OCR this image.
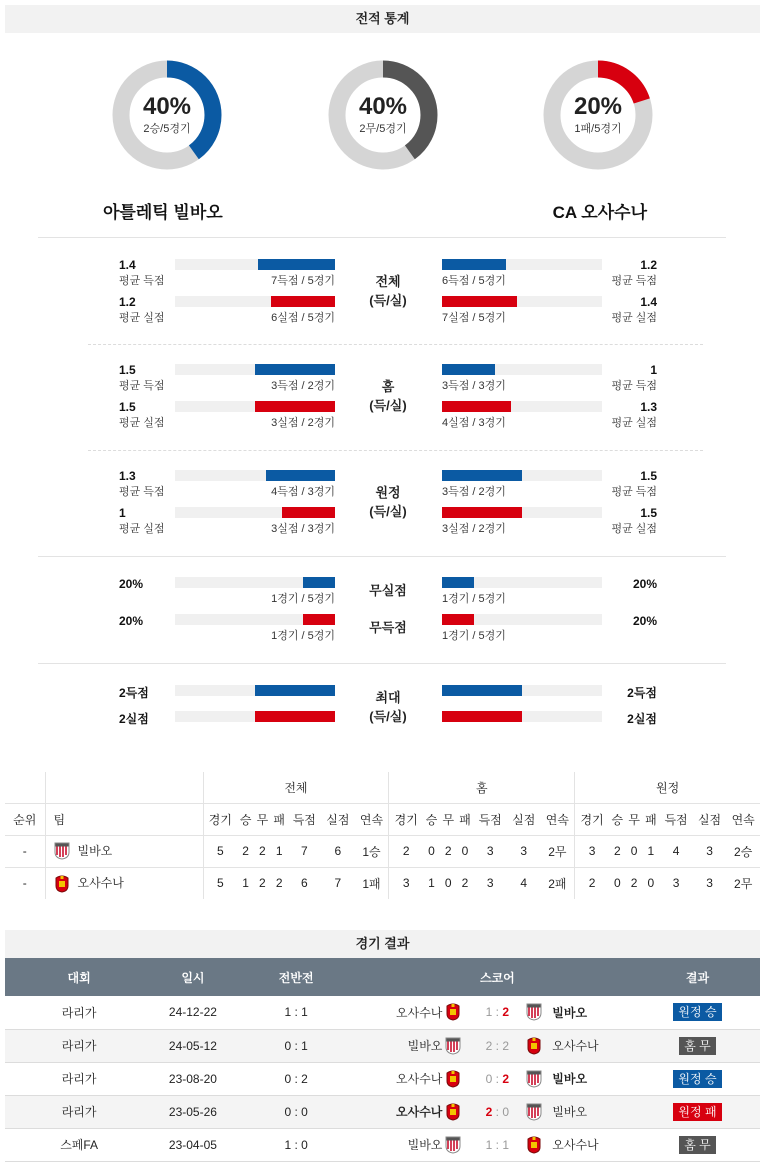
전적 통계
40%
2승/5경기
40%
2무/5경기
20%
1패/5경기
아틀레틱 빌바오	CA 오사수나
1.4
평균 득점
1.2
평균 득점
7득점 / 5경기	6득점 / 5경기
1.2
평균 실점
1.4
평균 실점
6실점 / 5경기	7실점 / 5경기
전체
(득/실)
1.5
평균 득점
1
평균 득점
3득점 / 2경기	3득점 / 3경기
1.5
평균 실점
1.3
평균 실점
3실점 / 2경기	4실점 / 3경기
홈
(득/실)
1.3
평균 득점
1.5
평균 득점
4득점 / 3경기	3득점 / 2경기
1
평균 실점
1.5
평균 실점
3실점 / 3경기	3실점 / 2경기
원정
(득/실)
20%	20%
1경기 / 5경기	1경기 / 5경기
무실점
20%	20%
1경기 / 5경기	1경기 / 5경기
무득점
2득점	2득점
2실점	2실점
최대
(득/실)
		전체							홈							원정						
순위	팀	경기	승	무	패	득점	실점	연속	경기	승	무	패	득점	실점	연속	경기	승	무	패	득점	실점	연속
-	빌바오	5	2	2	1	7	6	1승	2	0	2	0	3	3	2무	3	2	0	1	4	3	2승
-	오사수나	5	1	2	2	6	7	1패	3	1	0	2	3	4	2패	2	0	2	0	3	3	2무
경기 결과
대회	일시	전반전	스코어					결과
라리가	24-12-22	1 : 1	오사수나		1 : 2		빌바오	원정 승
라리가	24-05-12	0 : 1	빌바오		2 : 2		오사수나	홈 무
라리가	23-08-20	0 : 2	오사수나		0 : 2		빌바오	원정 승
라리가	23-05-26	0 : 0	오사수나		2 : 0		빌바오	원정 패
스페FA	23-04-05	1 : 0	빌바오		1 : 1		오사수나	홈 무
